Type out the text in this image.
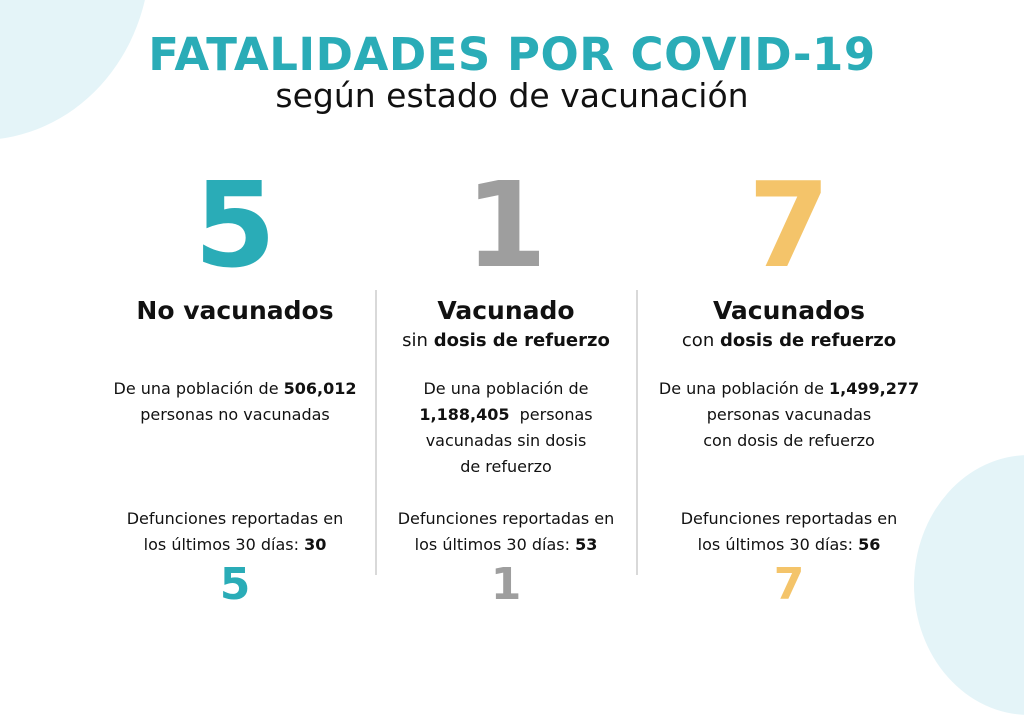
FATALIDADES POR COVID-19
según estado de vacunación
5
No vacunados
De una población de 506,012
personas no vacunadas
Defunciones reportadas en
los últimos 30 días: 30
5
1
Vacunado
sin dosis de refuerzo
De una población de
1,188,405  personas
vacunadas sin dosis
de refuerzo
Defunciones reportadas en
los últimos 30 días: 53
1
7
Vacunados
con dosis de refuerzo
De una población de 1,499,277
personas vacunadas
con dosis de refuerzo
Defunciones reportadas en
los últimos 30 días: 56
7
